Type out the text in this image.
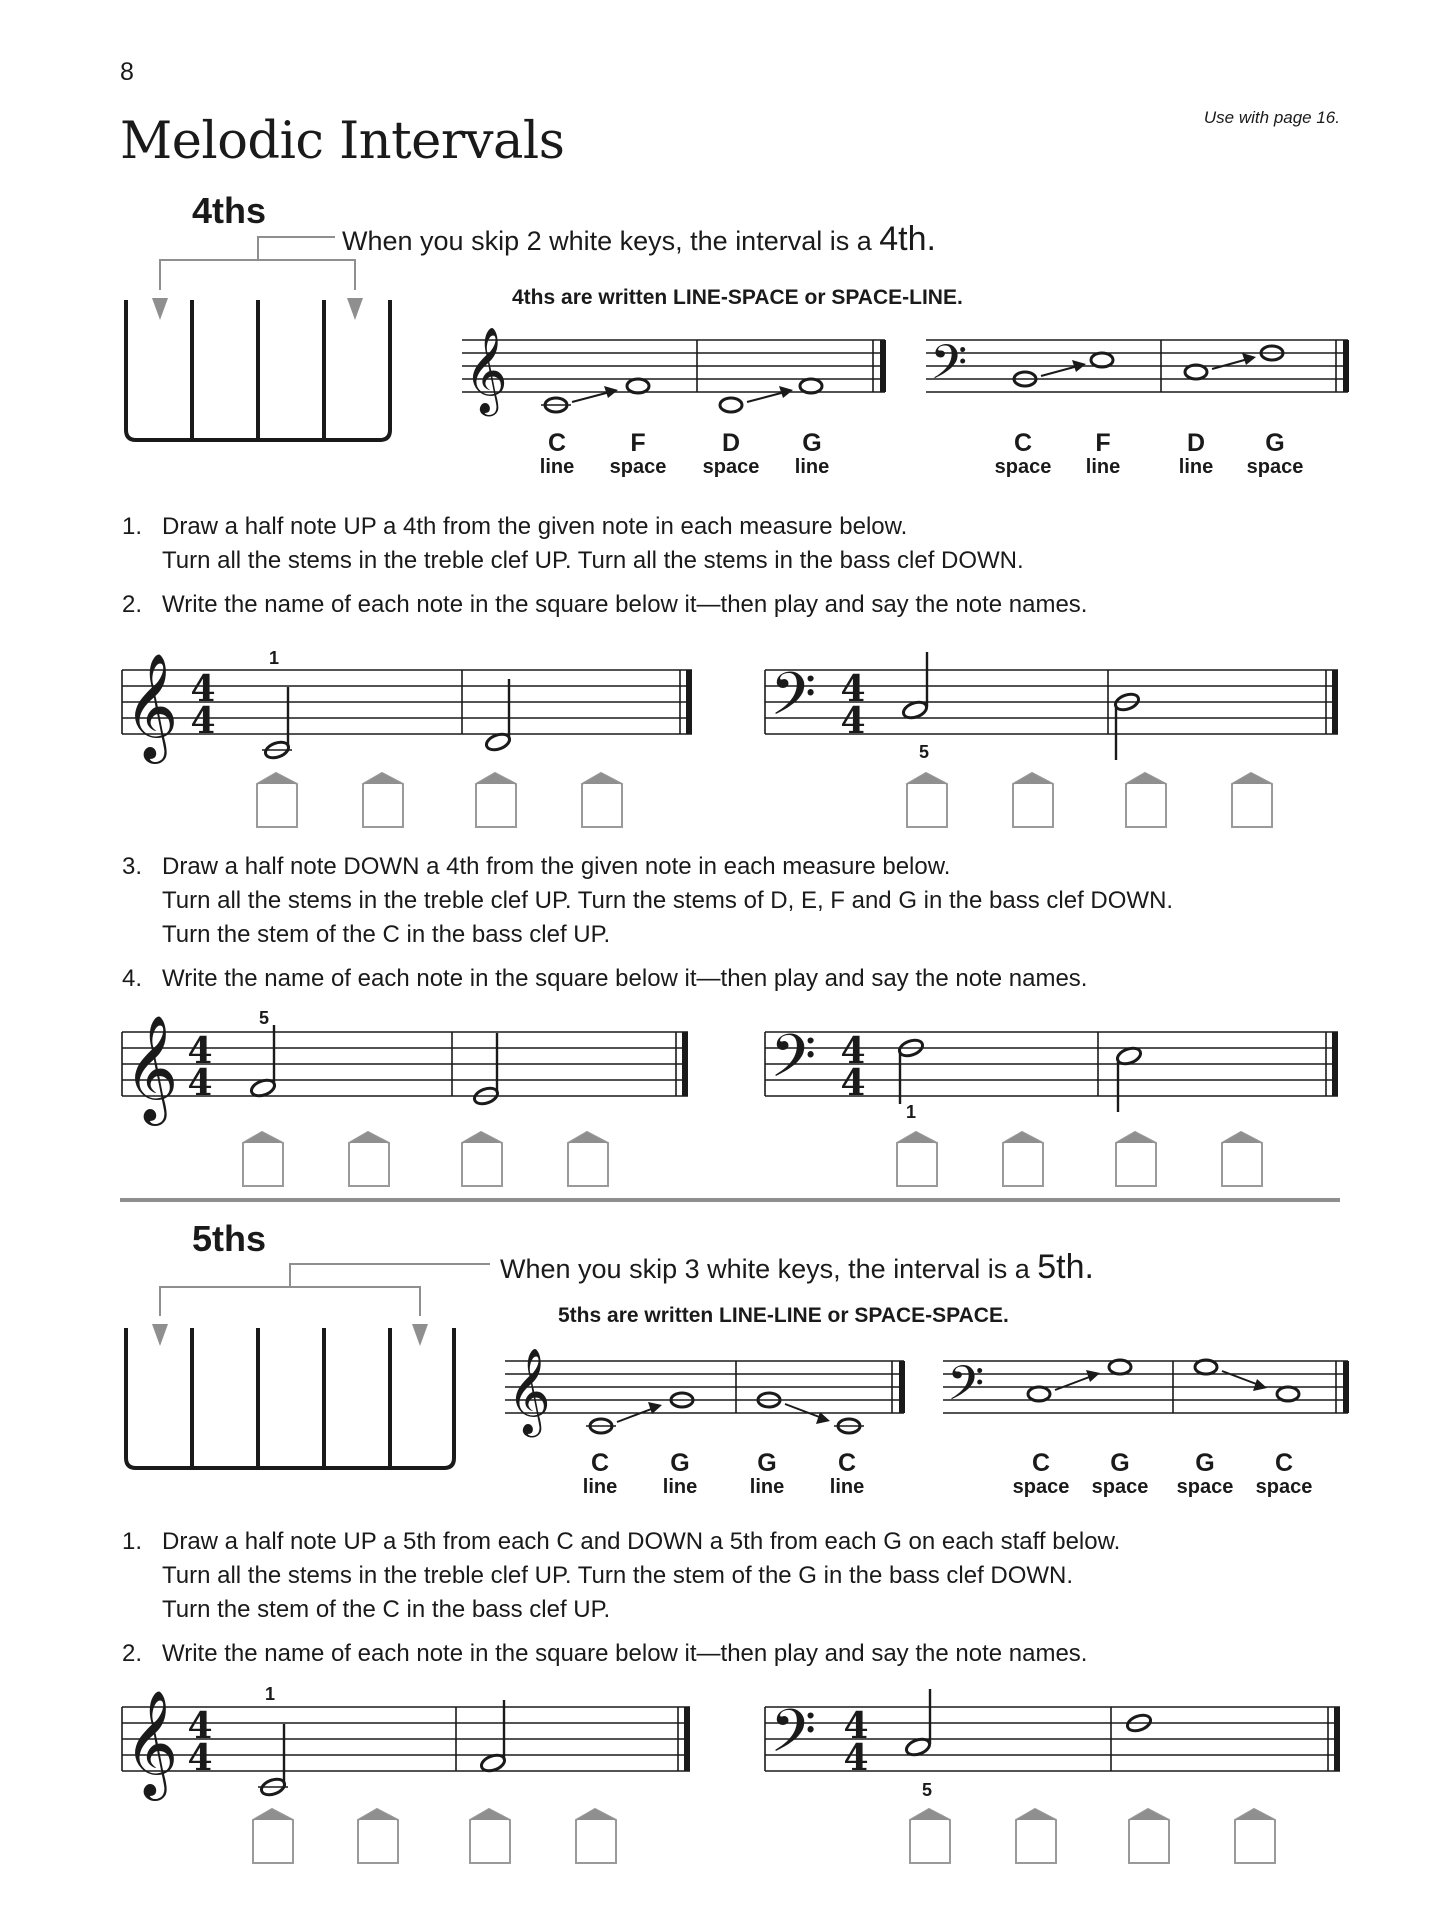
8
Use with page 16.
Melodic Intervals
4ths
When you skip 2 white keys, the interval is a 4th.
4ths are written LINE-SPACE or SPACE-LINE.
𝄞	𝄢
C
line
F
space
D
space
G
line
C
space
F
line
D
line
G
space
1. Draw a half note UP a 4th from the given note in each measure below.
Turn all the stems in the treble clef UP. Turn all the stems in the bass clef DOWN.
2. Write the name of each note in the square below it—then play and say the note names.
𝄞	𝄢
4
4
4
4
1
5
3. Draw a half note DOWN a 4th from the given note in each measure below.
Turn all the stems in the treble clef UP. Turn the stems of D, E, F and G in the bass clef DOWN.
Turn the stem of the C in the bass clef UP.
4. Write the name of each note in the square below it—then play and say the note names.
𝄞	𝄢
4
4
4
4
5
1
5ths
When you skip 3 white keys, the interval is a 5th.
5ths are written LINE-LINE or SPACE-SPACE.
𝄞	𝄢
C
line
G
line
G
line
C
line
C
space
G
space
G
space
C
space
1. Draw a half note UP a 5th from each C and DOWN a 5th from each G on each staff below.
Turn all the stems in the treble clef UP. Turn the stem of the G in the bass clef DOWN.
Turn the stem of the C in the bass clef UP.
2. Write the name of each note in the square below it—then play and say the note names.
𝄞	𝄢
4
4
4
4
1
5
